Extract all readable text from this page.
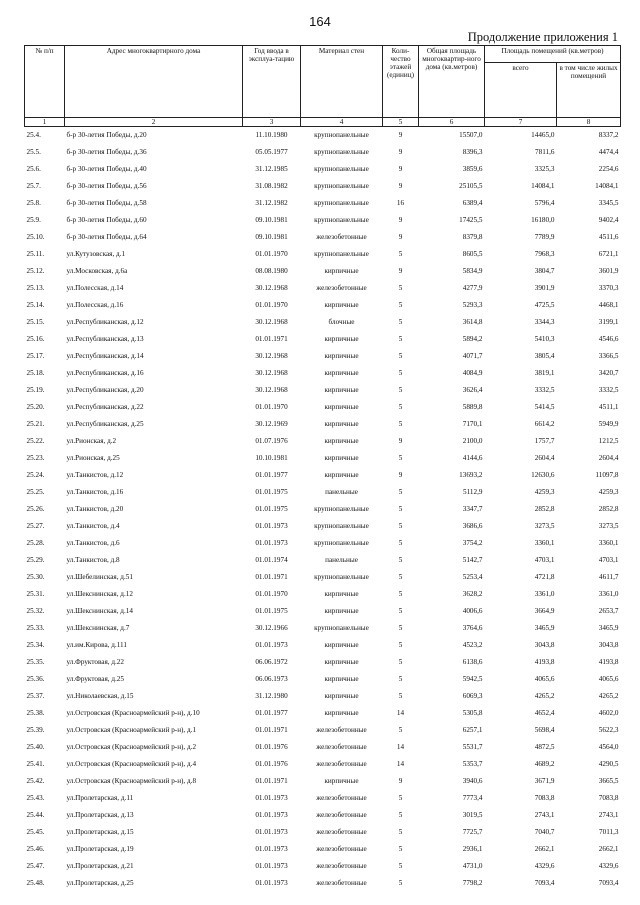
164
Продолжение приложения 1
№ п/п	Адрес многоквартирного дома	Год ввода в эксплуа-тацию	Материал стен	Коли-чество этажей (единиц)	Общая площадь многоквартир-ного дома (кв.метров)	Площадь помещений (кв.метров)	
						всего	в том числе жилых помещений
1	2	3	4	5	6	7	8
25.4.	б-р 30-летия Победы, д.20	11.10.1980	крупнопанельные	9	15507,0	14465,0	8337,2
25.5.	б-р 30-летия Победы, д.36	05.05.1977	крупнопанельные	9	8396,3	7811,6	4474,4
25.6.	б-р 30-летия Победы, д.40	31.12.1985	крупнопанельные	9	3859,6	3325,3	2254,6
25.7.	б-р 30-летия Победы, д.56	31.08.1982	крупнопанельные	9	25105,5	14084,1	14084,1
25.8.	б-р 30-летия Победы, д.58	31.12.1982	крупнопанельные	16	6389,4	5796,4	3345,5
25.9.	б-р 30-летия Победы, д.60	09.10.1981	крупнопанельные	9	17425,5	16180,0	9402,4
25.10.	б-р 30-летия Победы, д.64	09.10.1981	железобетонные	9	8379,8	7789,9	4511,6
25.11.	ул.Кутузовская, д.1	01.01.1970	крупнопанельные	5	8605,5	7968,3	6721,1
25.12.	ул.Московская, д.6а	08.08.1980	кирпичные	9	5834,9	3804,7	3601,9
25.13.	ул.Полесская, д.14	30.12.1968	железобетонные	5	4277,9	3901,9	3370,3
25.14.	ул.Полесская, д.16	01.01.1970	кирпичные	5	5293,3	4725,5	4468,1
25.15.	ул.Республиканская, д.12	30.12.1968	блочные	5	3614,8	3344,3	3199,1
25.16.	ул.Республиканская, д.13	01.01.1971	кирпичные	5	5894,2	5410,3	4546,6
25.17.	ул.Республиканская, д.14	30.12.1968	кирпичные	5	4071,7	3805,4	3366,5
25.18.	ул.Республиканская, д.16	30.12.1968	кирпичные	5	4084,9	3819,1	3420,7
25.19.	ул.Республиканская, д.20	30.12.1968	кирпичные	5	3626,4	3332,5	3332,5
25.20.	ул.Республиканская, д.22	01.01.1970	кирпичные	5	5889,8	5414,5	4511,1
25.21.	ул.Республиканская, д.25	30.12.1969	кирпичные	5	7170,1	6614,2	5949,9
25.22.	ул.Рионская, д.2	01.07.1976	кирпичные	9	2100,0	1757,7	1212,5
25.23.	ул.Рионская, д.25	10.10.1981	кирпичные	5	4144,6	2604,4	2604,4
25.24.	ул.Танкистов, д.12	01.01.1977	кирпичные	9	13693,2	12630,6	11097,8
25.25.	ул.Танкистов, д.16	01.01.1975	панельные	5	5112,9	4259,3	4259,3
25.26.	ул.Танкистов, д.20	01.01.1975	крупнопанельные	5	3347,7	2852,8	2852,8
25.27.	ул.Танкистов, д.4	01.01.1973	крупнопанельные	5	3686,6	3273,5	3273,5
25.28.	ул.Танкистов, д.6	01.01.1973	крупнопанельные	5	3754,2	3360,1	3360,1
25.29.	ул.Танкистов, д.8	01.01.1974	панельные	5	5142,7	4703,1	4703,1
25.30.	ул.Шебелинская, д.51	01.01.1971	крупнопанельные	5	5253,4	4721,8	4611,7
25.31.	ул.Шекснинская, д.12	01.01.1970	кирпичные	5	3628,2	3361,0	3361,0
25.32.	ул.Шекснинская, д.14	01.01.1975	кирпичные	5	4006,6	3664,9	2653,7
25.33.	ул.Шекснинская, д.7	30.12.1966	крупнопанельные	5	3764,6	3465,9	3465,9
25.34.	ул.им.Кирова, д.111	01.01.1973	кирпичные	5	4523,2	3043,8	3043,8
25.35.	ул.Фруктовая, д.22	06.06.1972	кирпичные	5	6138,6	4193,8	4193,8
25.36.	ул.Фруктовая, д.25	06.06.1973	кирпичные	5	5942,5	4065,6	4065,6
25.37.	ул.Николаевская, д.15	31.12.1980	кирпичные	5	6069,3	4265,2	4265,2
25.38.	ул.Островская (Красноармейский р-н), д.10	01.01.1977	кирпичные	14	5305,8	4652,4	4602,0
25.39.	ул.Островская (Красноармейский р-н), д.1	01.01.1971	железобетонные	5	6257,1	5698,4	5622,3
25.40.	ул.Островская (Красноармейский р-н), д.2	01.01.1976	железобетонные	14	5531,7	4872,5	4564,0
25.41.	ул.Островская (Красноармейский р-н), д.4	01.01.1976	железобетонные	14	5353,7	4689,2	4290,5
25.42.	ул.Островская (Красноармейский р-н), д.8	01.01.1971	кирпичные	9	3940,6	3671,9	3665,5
25.43.	ул.Пролетарская, д.11	01.01.1973	железобетонные	5	7773,4	7083,8	7083,8
25.44.	ул.Пролетарская, д.13	01.01.1973	железобетонные	5	3019,5	2743,1	2743,1
25.45.	ул.Пролетарская, д.15	01.01.1973	железобетонные	5	7725,7	7040,7	7011,3
25.46.	ул.Пролетарская, д.19	01.01.1973	железобетонные	5	2936,1	2662,1	2662,1
25.47.	ул.Пролетарская, д.21	01.01.1973	железобетонные	5	4731,0	4329,6	4329,6
25.48.	ул.Пролетарская, д.25	01.01.1973	железобетонные	5	7798,2	7093,4	7093,4
